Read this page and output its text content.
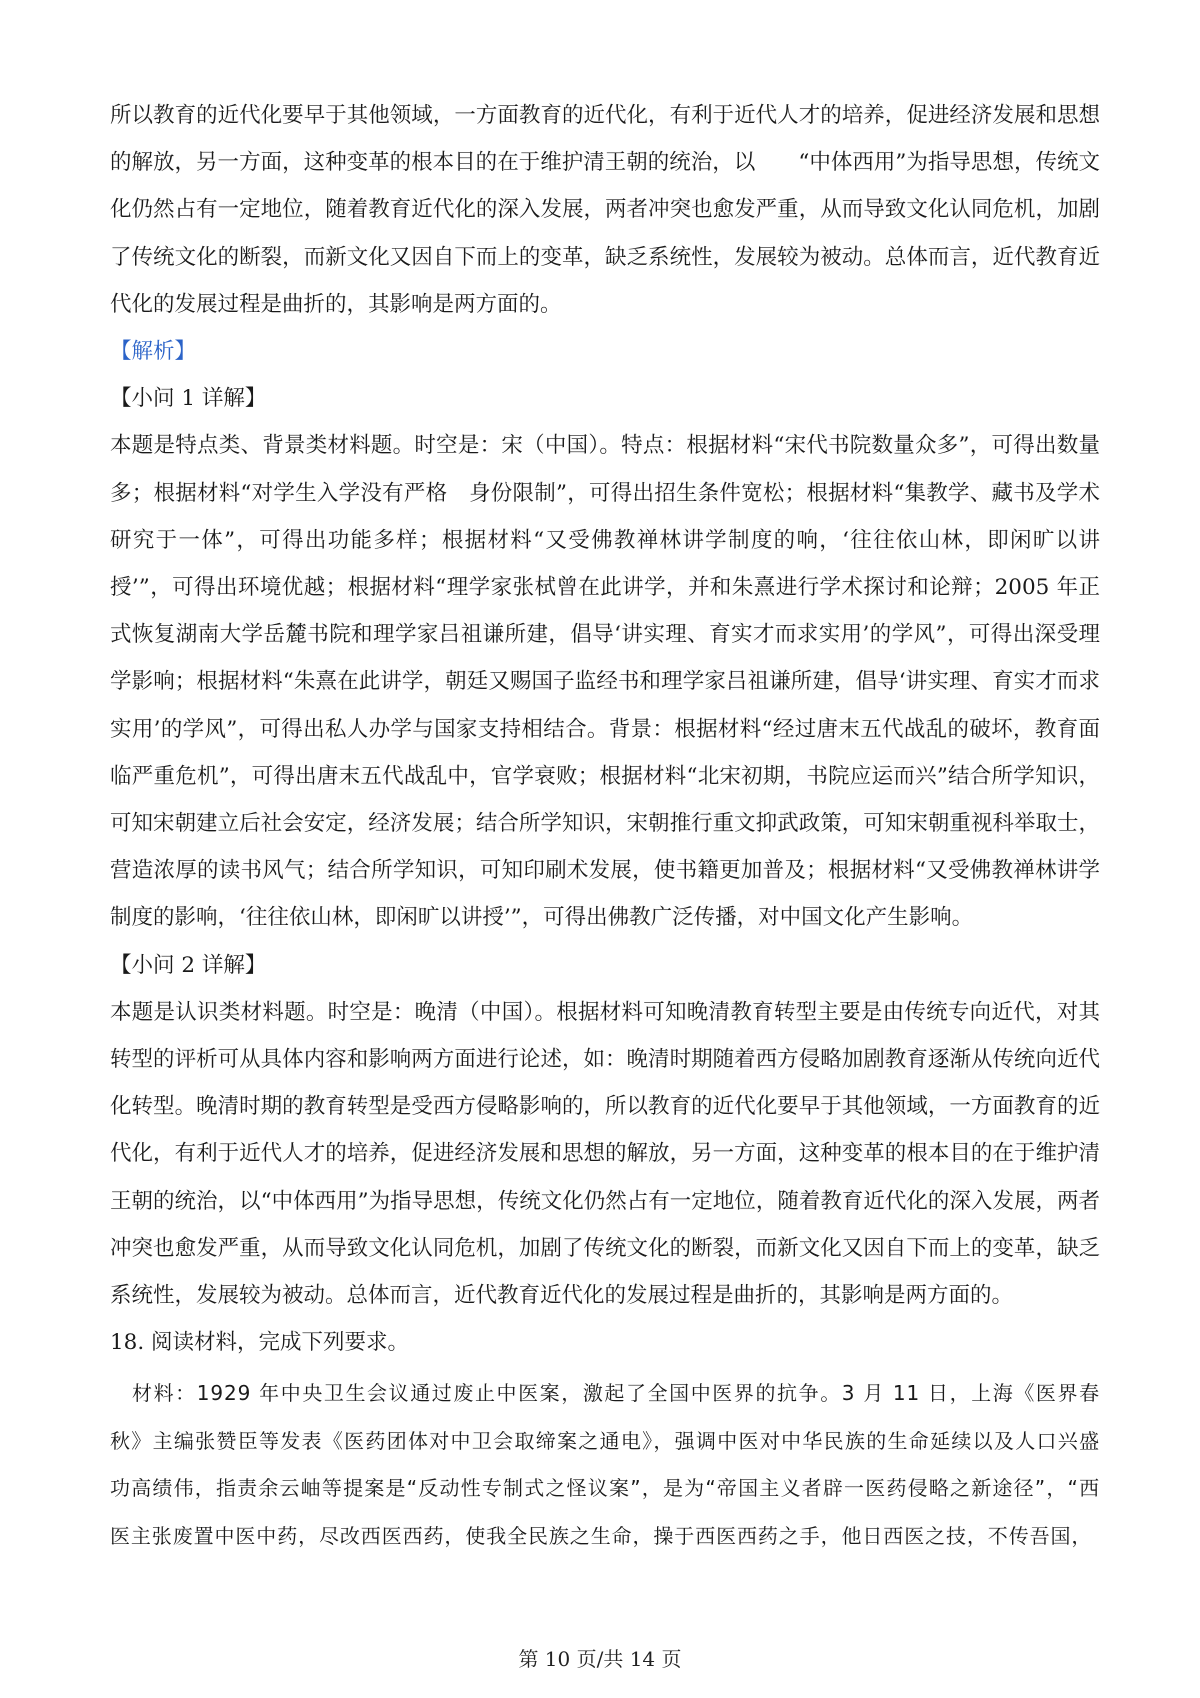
所以教育的近代化要早于其他领域，一方面教育的近代化，有利于近代人才的培养，促进经济发展和思想的解放，另一方面，这种变革的根本目的在于维护清王朝的统治，以　　“中体西用”为指导思想，传统文化仍然占有一定地位，随着教育近代化的深入发展，两者冲突也愈发严重，从而导致文化认同危机，加剧了传统文化的断裂，而新文化又因自下而上的变革，缺乏系统性，发展较为被动。总体而言，近代教育近代化的发展过程是曲折的，其影响是两方面的。

【解析】

【小问 1 详解】

本题是特点类、背景类材料题。时空是：宋（中国）。特点：根据材料“宋代书院数量众多”，可得出数量多；根据材料“对学生入学没有严格　身份限制”，可得出招生条件宽松；根据材料“集教学、藏书及学术研究于一体”，可得出功能多样；根据材料“又受佛教禅林讲学制度的响，‘往往依山林，即闲旷以讲授’”，可得出环境优越；根据材料“理学家张栻曾在此讲学，并和朱熹进行学术探讨和论辩；2005 年正式恢复湖南大学岳麓书院和理学家吕祖谦所建，倡导‘讲实理、育实才而求实用’的学风”，可得出深受理学影响；根据材料“朱熹在此讲学，朝廷又赐国子监经书和理学家吕祖谦所建，倡导‘讲实理、育实才而求实用’的学风”，可得出私人办学与国家支持相结合。背景：根据材料“经过唐末五代战乱的破坏，教育面临严重危机”，可得出唐末五代战乱中，官学衰败；根据材料“北宋初期，书院应运而兴”结合所学知识，可知宋朝建立后社会安定，经济发展；结合所学知识，宋朝推行重文抑武政策，可知宋朝重视科举取士，营造浓厚的读书风气；结合所学知识，可知印刷术发展，使书籍更加普及；根据材料“又受佛教禅林讲学制度的影响，‘往往依山林，即闲旷以讲授’”，可得出佛教广泛传播，对中国文化产生影响。

【小问 2 详解】

本题是认识类材料题。时空是：晚清（中国）。根据材料可知晚清教育转型主要是由传统专向近代，对其转型的评析可从具体内容和影响两方面进行论述，如：晚清时期随着西方侵略加剧教育逐渐从传统向近代化转型。晚清时期的教育转型是受西方侵略影响的，所以教育的近代化要早于其他领域，一方面教育的近代化，有利于近代人才的培养，促进经济发展和思想的解放，另一方面，这种变革的根本目的在于维护清王朝的统治，以“中体西用”为指导思想，传统文化仍然占有一定地位，随着教育近代化的深入发展，两者冲突也愈发严重，从而导致文化认同危机，加剧了传统文化的断裂，而新文化又因自下而上的变革，缺乏系统性，发展较为被动。总体而言，近代教育近代化的发展过程是曲折的，其影响是两方面的。

18. 阅读材料，完成下列要求。

材料：1929 年中央卫生会议通过废止中医案，激起了全国中医界的抗争。3 月 11 日，上海《医界春秋》主编张赞臣等发表《医药团体对中卫会取缔案之通电》，强调中医对中华民族的生命延续以及人口兴盛功高绩伟，指责余云岫等提案是“反动性专制式之怪议案”，是为“帝国主义者辟一医药侵略之新途径”，“西医主张废置中医中药，尽改西医西药，使我全民族之生命，操于西医西药之手，他日西医之技，不传吾国，

第 10 页/共 14 页
